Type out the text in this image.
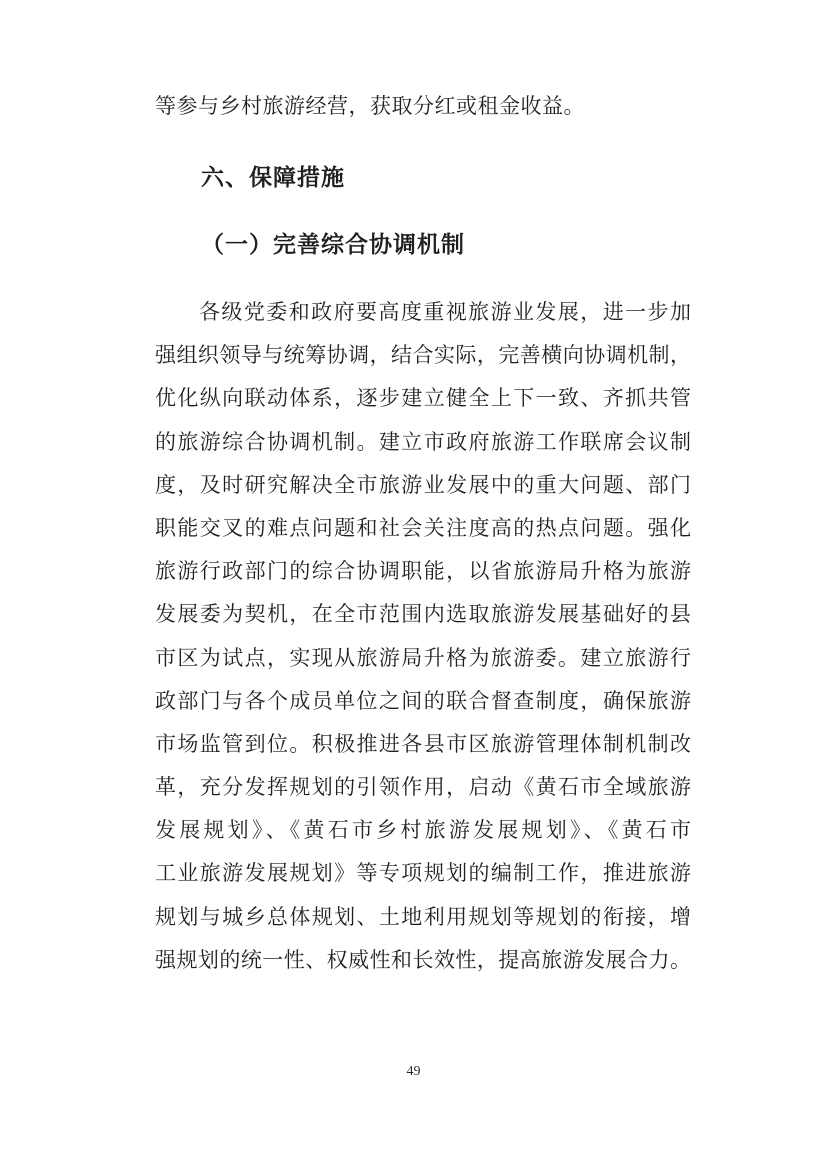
等参与乡村旅游经营，获取分红或租金收益。
六、保障措施
（一）完善综合协调机制
各级党委和政府要高度重视旅游业发展，进一步加
强组织领导与统筹协调，结合实际，完善横向协调机制，
优化纵向联动体系，逐步建立健全上下一致、齐抓共管
的旅游综合协调机制。建立市政府旅游工作联席会议制
度，及时研究解决全市旅游业发展中的重大问题、部门
职能交叉的难点问题和社会关注度高的热点问题。强化
旅游行政部门的综合协调职能，以省旅游局升格为旅游
发展委为契机，在全市范围内选取旅游发展基础好的县
市区为试点，实现从旅游局升格为旅游委。建立旅游行
政部门与各个成员单位之间的联合督查制度，确保旅游
市场监管到位。积极推进各县市区旅游管理体制机制改
革，充分发挥规划的引领作用，启动《黄石市全域旅游
发展规划》、《黄石市乡村旅游发展规划》、《黄石市
工业旅游发展规划》等专项规划的编制工作，推进旅游
规划与城乡总体规划、土地利用规划等规划的衔接，增
强规划的统一性、权威性和长效性，提高旅游发展合力。
49
